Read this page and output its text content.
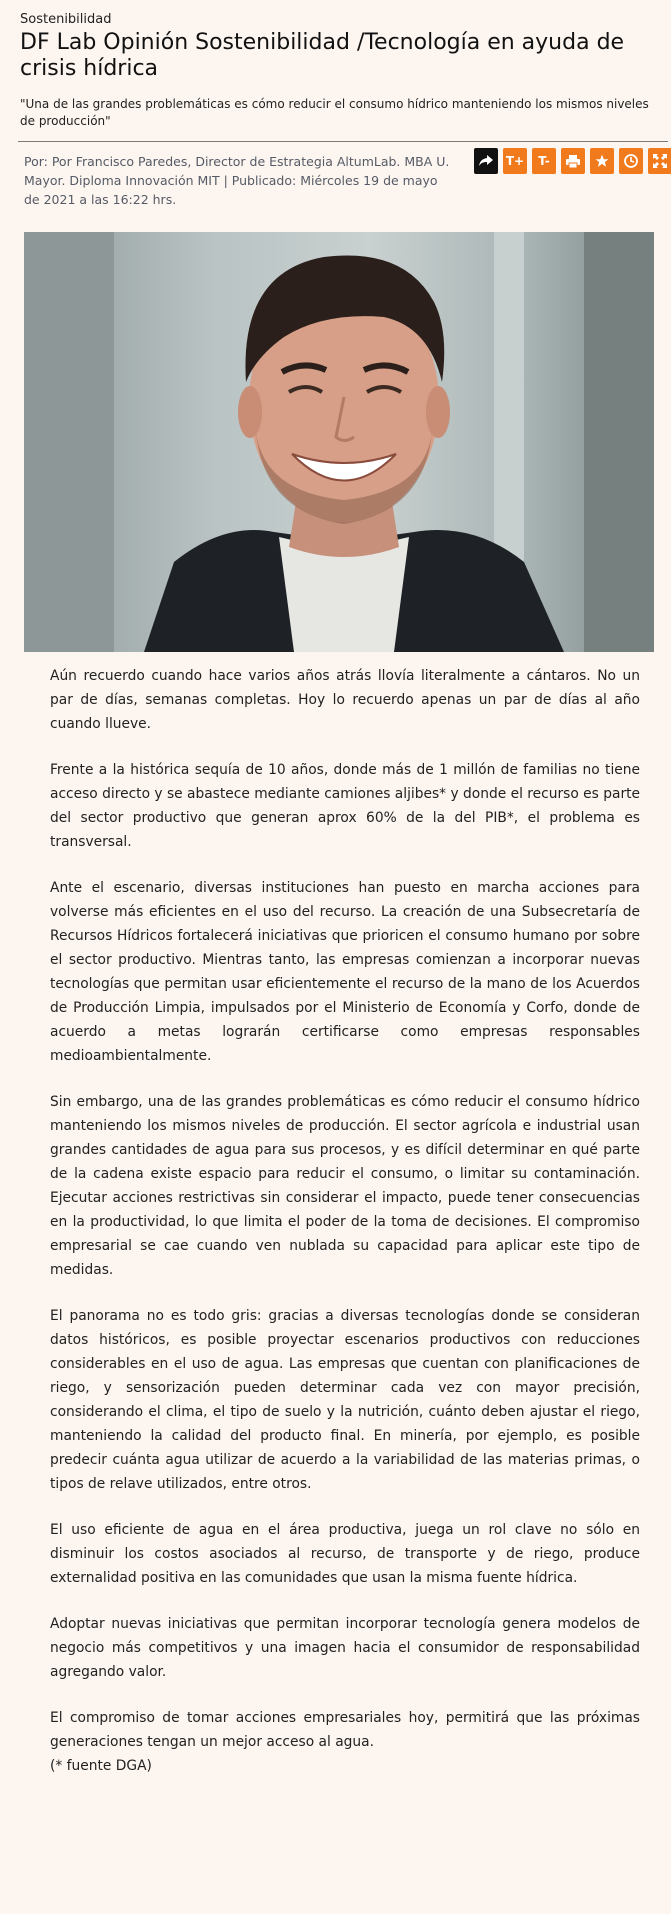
Sostenibilidad
DF Lab Opinión Sostenibilidad /Tecnología en ayuda de crisis hídrica
"Una de las grandes problemáticas es cómo reducir el consumo hídrico manteniendo los mismos niveles de producción"
Por: Por Francisco Paredes, Director de Estrategia AltumLab. MBA U. Mayor. Diploma Innovación MIT | Publicado: Miércoles 19 de mayo de 2021 a las 16:22 hrs.
T+	T-

Aún recuerdo cuando hace varios años atrás llovía literalmente a cántaros. No un par de días, semanas completas. Hoy lo recuerdo apenas un par de días al año cuando llueve.

Frente a la histórica sequía de 10 años, donde más de 1 millón de familias no tiene acceso directo y se abastece mediante camiones aljibes* y donde el recurso es parte del sector productivo que generan aprox 60% de la del PIB*, el problema es transversal.

Ante el escenario, diversas instituciones han puesto en marcha acciones para volverse más eficientes en el uso del recurso. La creación de una Subsecretaría de Recursos Hídricos fortalecerá iniciativas que prioricen el consumo humano por sobre el sector productivo. Mientras tanto, las empresas comienzan a incorporar nuevas tecnologías que permitan usar eficientemente el recurso de la mano de los Acuerdos de Producción Limpia, impulsados por el Ministerio de Economía y Corfo, donde de acuerdo a metas lograrán certificarse como empresas responsables medioambientalmente.

Sin embargo, una de las grandes problemáticas es cómo reducir el consumo hídrico manteniendo los mismos niveles de producción. El sector agrícola e industrial usan grandes cantidades de agua para sus procesos, y es difícil determinar en qué parte de la cadena existe espacio para reducir el consumo, o limitar su contaminación. Ejecutar acciones restrictivas sin considerar el impacto, puede tener consecuencias en la productividad, lo que limita el poder de la toma de decisiones. El compromiso empresarial se cae cuando ven nublada su capacidad para aplicar este tipo de medidas.

El panorama no es todo gris: gracias a diversas tecnologías donde se consideran datos históricos, es posible proyectar escenarios productivos con reducciones considerables en el uso de agua. Las empresas que cuentan con planificaciones de riego, y sensorización pueden determinar cada vez con mayor precisión, considerando el clima, el tipo de suelo y la nutrición, cuánto deben ajustar el riego, manteniendo la calidad del producto final. En minería, por ejemplo, es posible predecir cuánta agua utilizar de acuerdo a la variabilidad de las materias primas, o tipos de relave utilizados, entre otros.

El uso eficiente de agua en el área productiva, juega un rol clave no sólo en disminuir los costos asociados al recurso, de transporte y de riego, produce externalidad positiva en las comunidades que usan la misma fuente hídrica.

Adoptar nuevas iniciativas que permitan incorporar tecnología genera modelos de negocio más competitivos y una imagen hacia el consumidor de responsabilidad agregando valor.

El compromiso de tomar acciones empresariales hoy, permitirá que las próximas generaciones tengan un mejor acceso al agua.

(* fuente DGA)
